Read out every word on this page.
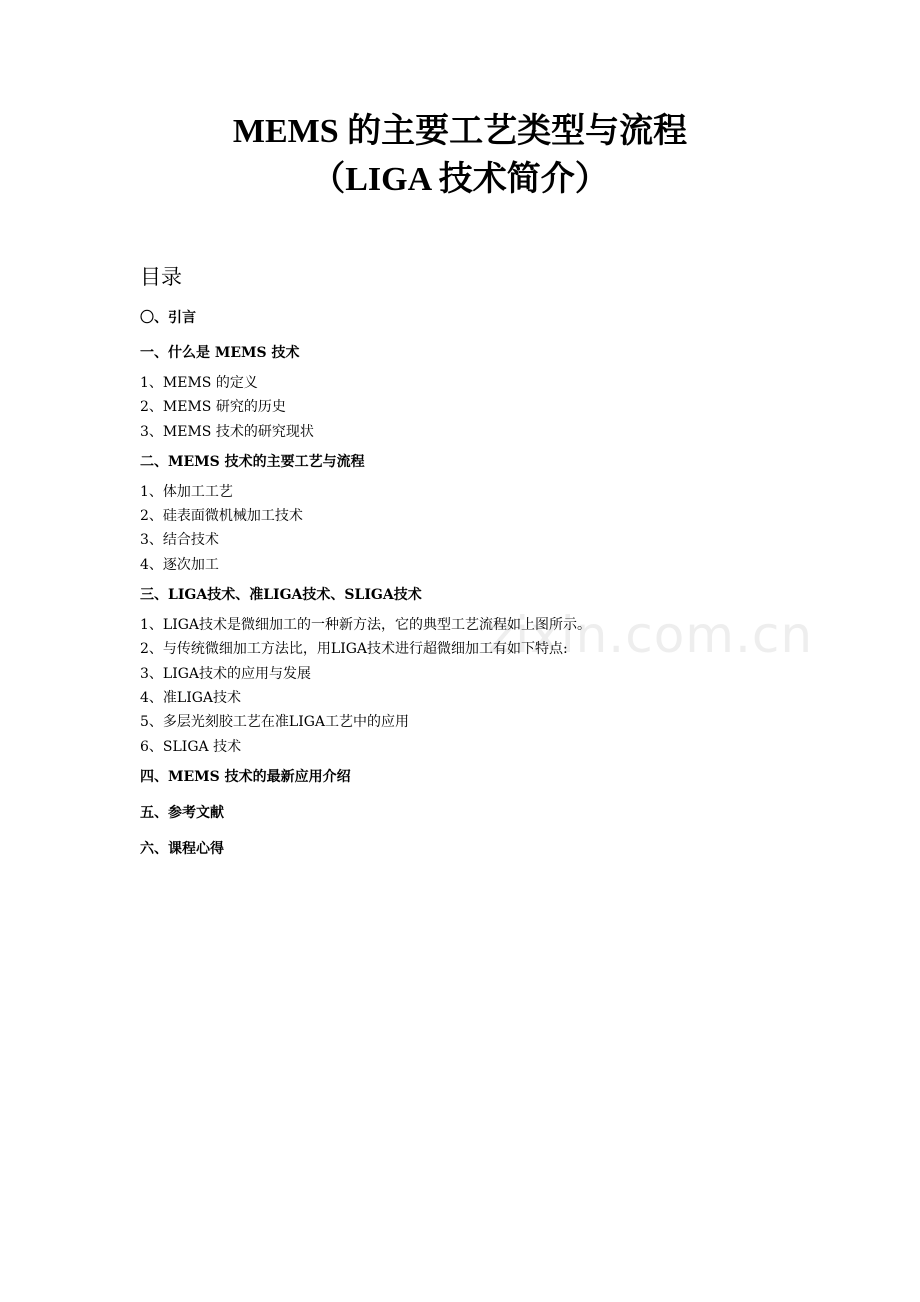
zixin.com.cn
MEMS 的主要工艺类型与流程
（LIGA 技术简介）
目录
〇、引言
一、什么是 MEMS 技术
1、MEMS 的定义
2、MEMS 研究的历史
3、MEMS 技术的研究现状
二、MEMS 技术的主要工艺与流程
1、体加工工艺
2、硅表面微机械加工技术
3、结合技术
4、逐次加工
三、LIGA技术、准LIGA技术、SLIGA技术
1、LIGA技术是微细加工的一种新方法，它的典型工艺流程如上图所示。
2、与传统微细加工方法比，用LIGA技术进行超微细加工有如下特点:
3、LIGA技术的应用与发展
4、准LIGA技术
5、多层光刻胶工艺在准LIGA工艺中的应用
6、SLIGA 技术
四、MEMS 技术的最新应用介绍
五、参考文献
六、课程心得
